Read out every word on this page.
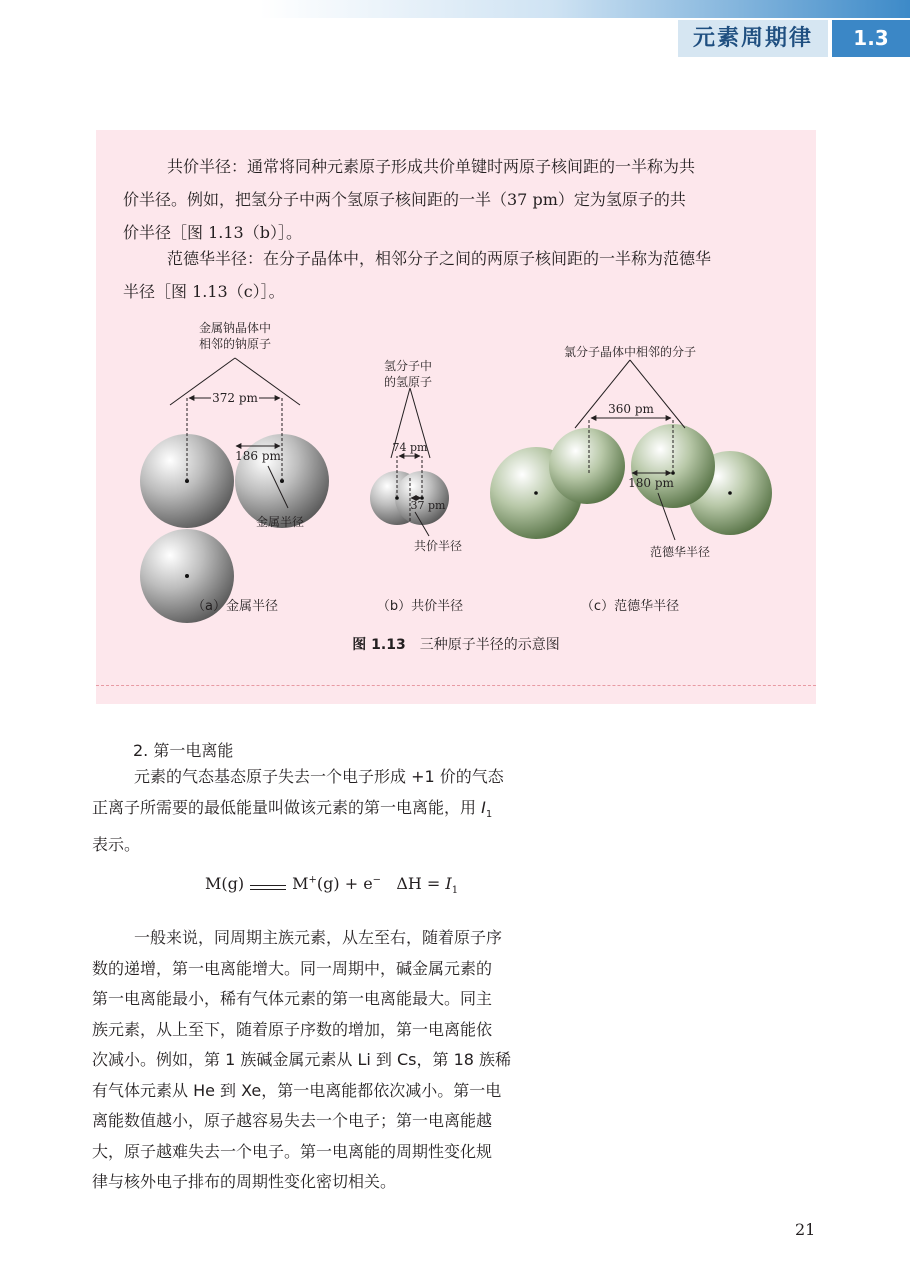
元素周期律	1.3

共价半径：通常将同种元素原子形成共价单键时两原子核间距的一半称为共
价半径。例如，把氢分子中两个氢原子核间距的一半（37 pm）定为氢原子的共
价半径［图 1.13（b）］。

范德华半径：在分子晶体中，相邻分子之间的两原子核间距的一半称为范德华
半径［图 1.13（c）］。

372 pm
186 pm
金属钠晶体中
相邻的钠原子
金属半径
（a）金属半径
74 pm
37 pm
氢分子中
的氢原子
共价半径
（b）共价半径
360 pm
180 pm
氯分子晶体中相邻的分子
范德华半径
（c）范德华半径
图 1.13 三种原子半径的示意图
2. 第一电离能

元素的气态基态原子失去一个电子形成 +1 价的气态
正离子所需要的最低能量叫做该元素的第一电离能，用 $I_1$
表示。

M(g)	M+(g) + e− $\Delta H = I_1$

一般来说，同周期主族元素，从左至右，随着原子序
数的递增，第一电离能增大。同一周期中，碱金属元素的
第一电离能最小，稀有气体元素的第一电离能最大。同主
族元素，从上至下，随着原子序数的增加，第一电离能依
次减小。例如，第 1 族碱金属元素从 Li 到 Cs，第 18 族稀
有气体元素从 He 到 Xe，第一电离能都依次减小。第一电
离能数值越小，原子越容易失去一个电子；第一电离能越
大，原子越难失去一个电子。第一电离能的周期性变化规
律与核外电子排布的周期性变化密切相关。

21
